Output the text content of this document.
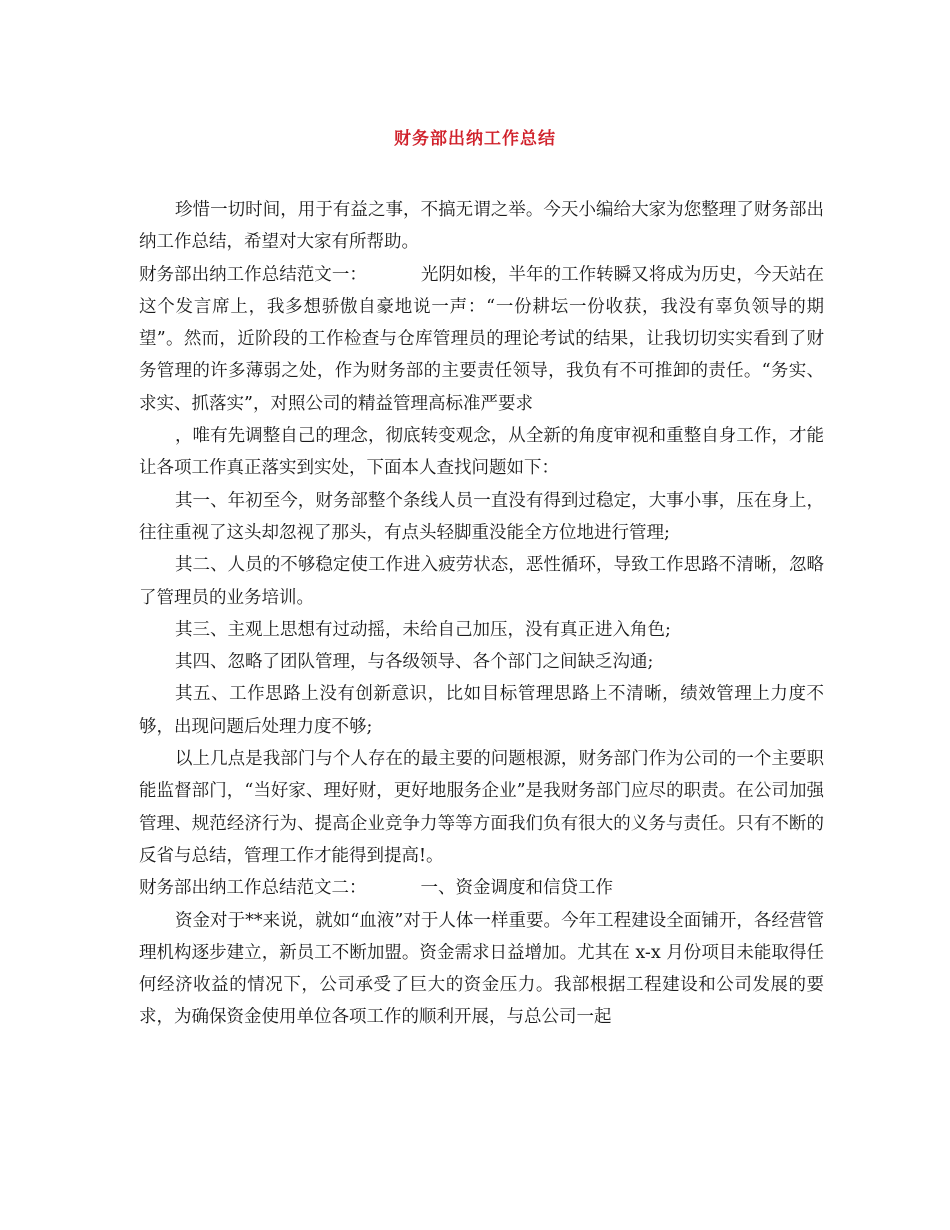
财务部出纳工作总结

珍惜一切时间，用于有益之事，不搞无谓之举。今天小编给大家为您整理了财务部出纳工作总结，希望对大家有所帮助。

财务部出纳工作总结范文一：	光阴如梭，半年的工作转瞬又将成为历史，今天站在这个发言席上，我多想骄傲自豪地说一声：“一份耕坛一份收获，我没有辜负领导的期望”。然而，近阶段的工作检查与仓库管理员的理论考试的结果，让我切切实实看到了财务管理的许多薄弱之处，作为财务部的主要责任领导，我负有不可推卸的责任。“务实、求实、抓落实”，对照公司的精益管理高标准严要求

，唯有先调整自己的理念，彻底转变观念，从全新的角度审视和重整自身工作，才能让各项工作真正落实到实处，下面本人查找问题如下：

其一、年初至今，财务部整个条线人员一直没有得到过稳定，大事小事，压在身上，往往重视了这头却忽视了那头，有点头轻脚重没能全方位地进行管理;

其二、人员的不够稳定使工作进入疲劳状态，恶性循环，导致工作思路不清晰，忽略了管理员的业务培训。

其三、主观上思想有过动摇，未给自己加压，没有真正进入角色;

其四、忽略了团队管理，与各级领导、各个部门之间缺乏沟通;

其五、工作思路上没有创新意识，比如目标管理思路上不清晰，绩效管理上力度不够，出现问题后处理力度不够;

以上几点是我部门与个人存在的最主要的问题根源，财务部门作为公司的一个主要职能监督部门，“当好家、理好财，更好地服务企业”是我财务部门应尽的职责。在公司加强管理、规范经济行为、提高企业竞争力等等方面我们负有很大的义务与责任。只有不断的反省与总结，管理工作才能得到提高!。

财务部出纳工作总结范文二：	一、资金调度和信贷工作

资金对于**来说，就如“血液”对于人体一样重要。今年工程建设全面铺开，各经营管理机构逐步建立，新员工不断加盟。资金需求日益增加。尤其在 x-x 月份项目未能取得任何经济收益的情况下，公司承受了巨大的资金压力。我部根据工程建设和公司发展的要求，为确保资金使用单位各项工作的顺利开展，与总公司一起
